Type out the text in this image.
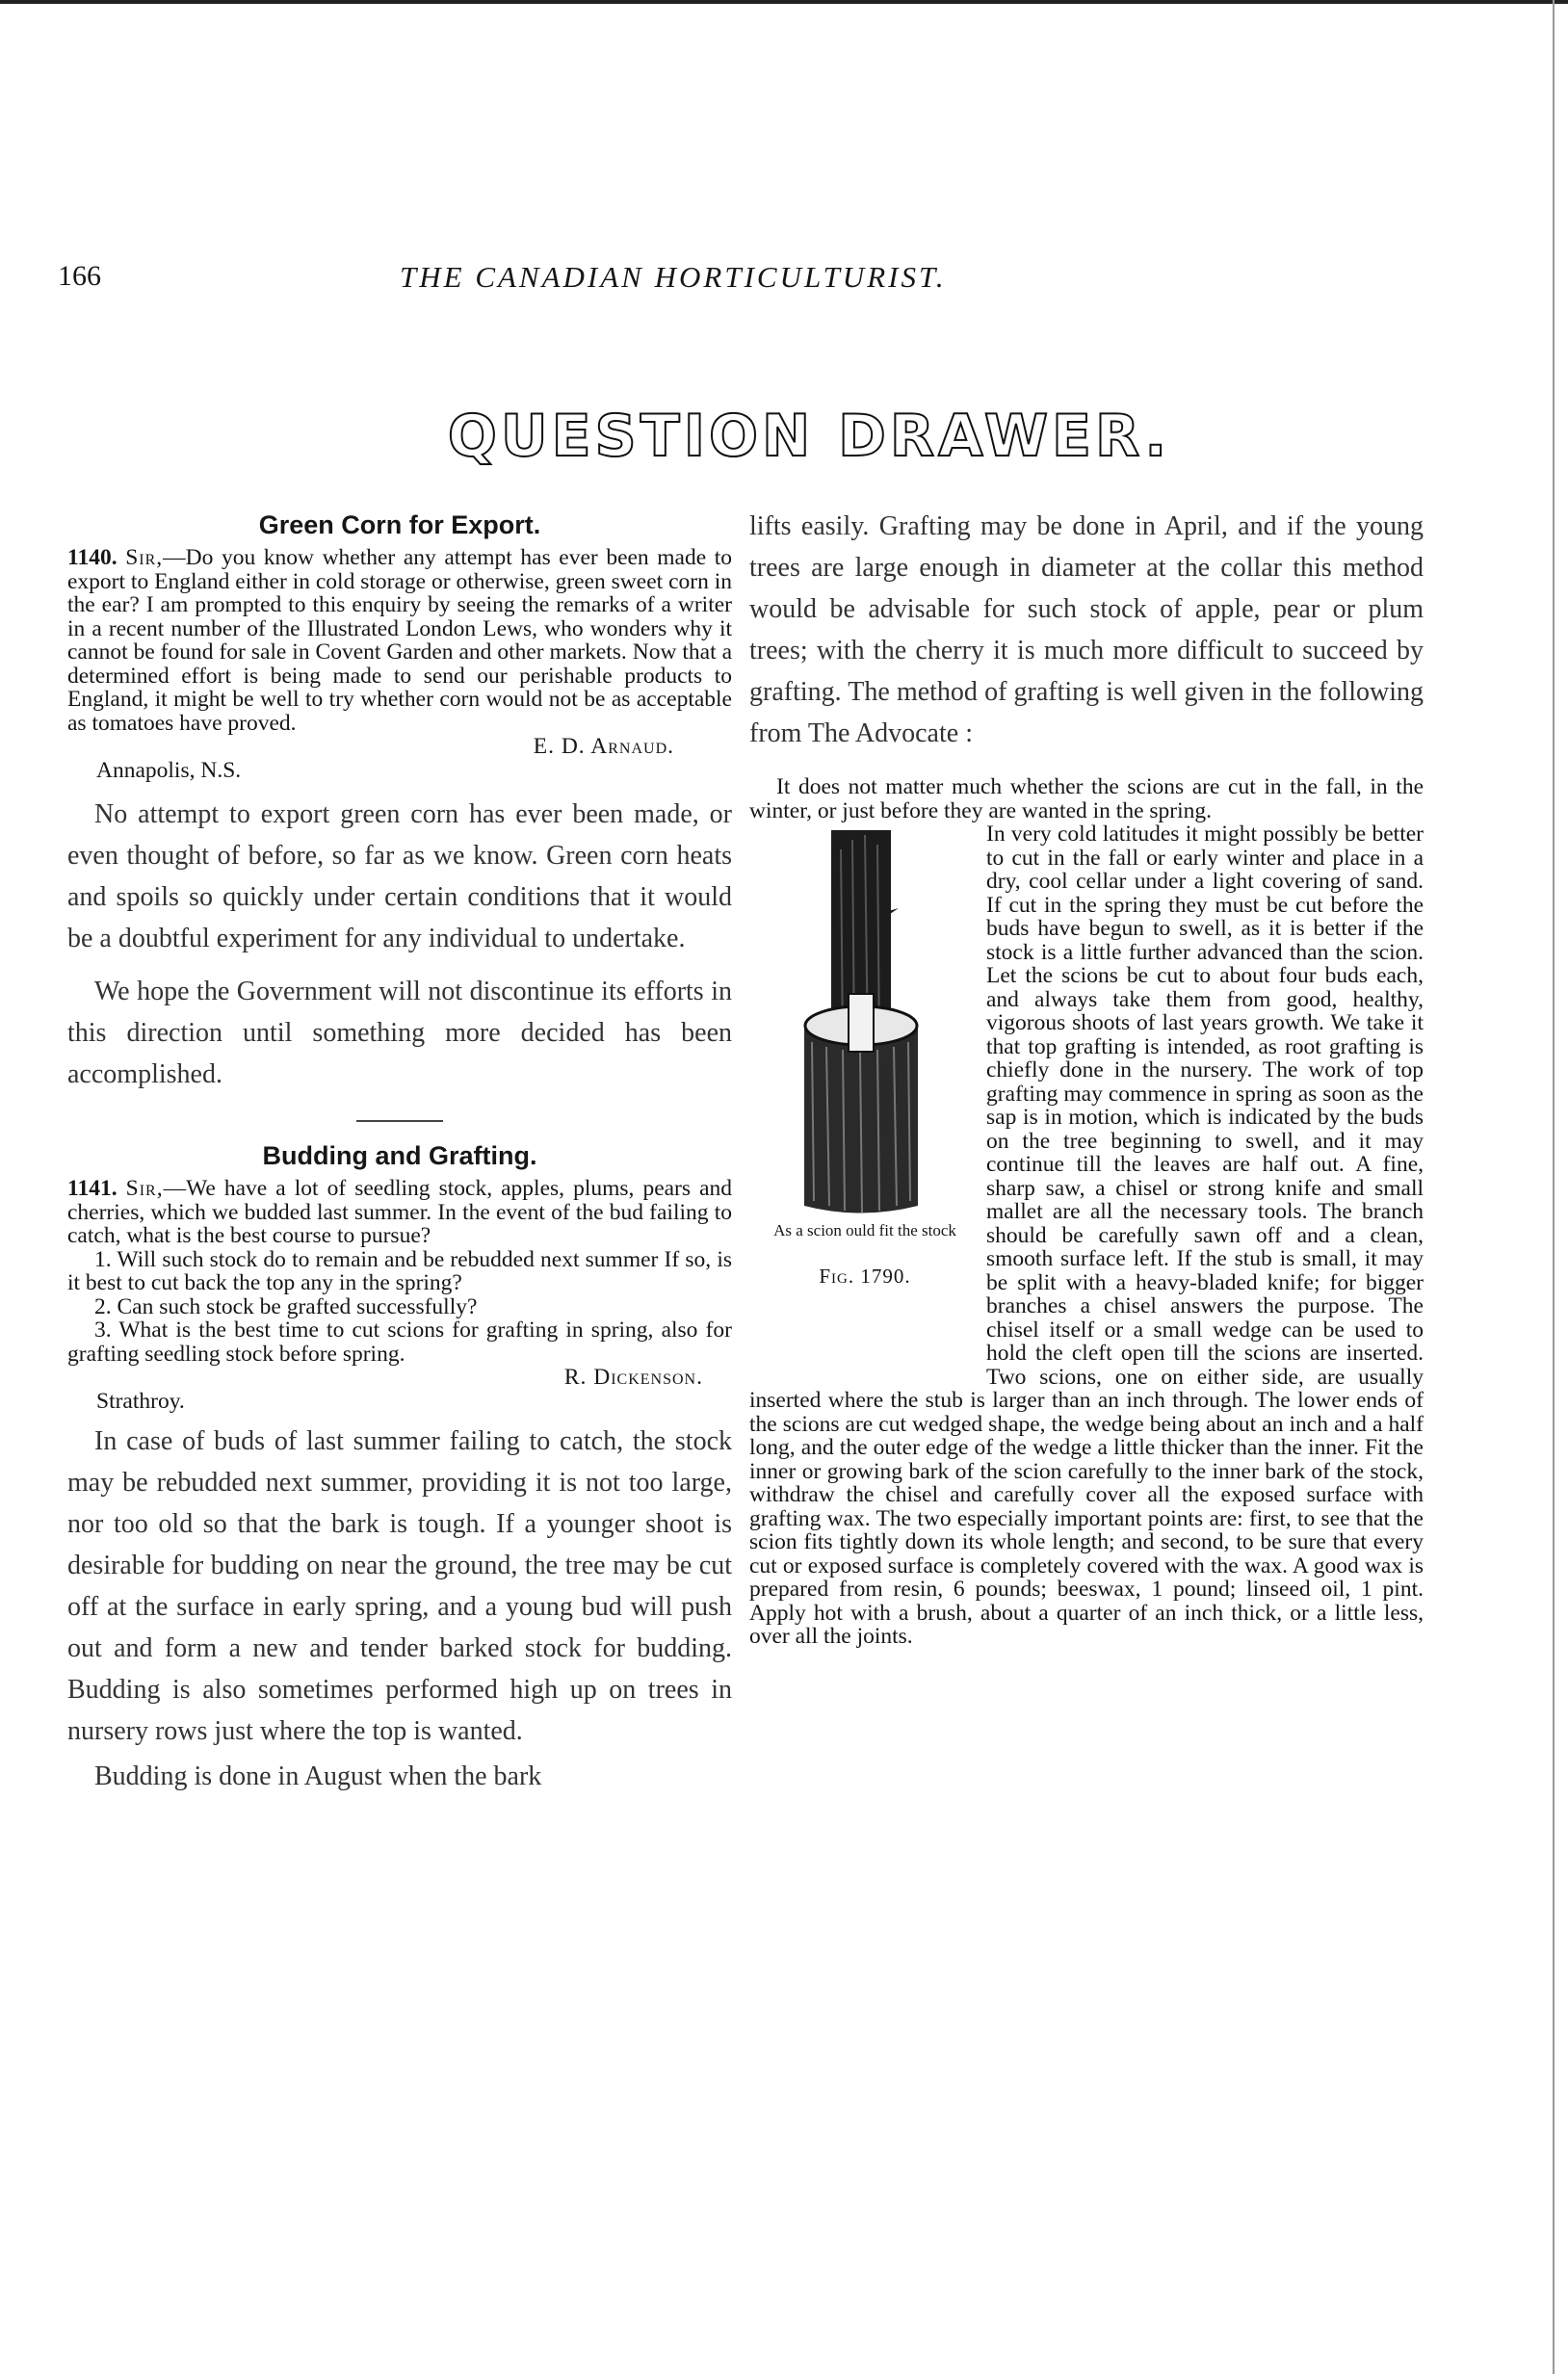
166	THE CANADIAN HORTICULTURIST.
QUESTION DRAWER.
Green Corn for Export.

1140. Sir,—Do you know whether any attempt has ever been made to export to England either in cold storage or otherwise, green sweet corn in the ear? I am prompted to this enquiry by seeing the remarks of a writer in a recent number of the Illustrated London Lews, who wonders why it cannot be found for sale in Covent Garden and other markets. Now that a determined effort is being made to send our perishable products to England, it might be well to try whether corn would not be as acceptable as tomatoes have proved.

E. D. Arnaud.
Annapolis, N.S.

No attempt to export green corn has ever been made, or even thought of before, so far as we know. Green corn heats and spoils so quickly under certain conditions that it would be a doubtful experiment for any individual to undertake.

We hope the Government will not discontinue its efforts in this direction until something more decided has been accomplished.

Budding and Grafting.

1141. Sir,—We have a lot of seedling stock, apples, plums, pears and cherries, which we budded last summer. In the event of the bud failing to catch, what is the best course to pursue?

1. Will such stock do to remain and be rebudded next summer If so, is it best to cut back the top any in the spring?

2. Can such stock be grafted successfully?

3. What is the best time to cut scions for grafting in spring, also for grafting seedling stock before spring.

R. Dickenson.
Strathroy.

In case of buds of last summer failing to catch, the stock may be rebudded next summer, providing it is not too large, nor too old so that the bark is tough. If a younger shoot is desirable for budding on near the ground, the tree may be cut off at the surface in early spring, and a young bud will push out and form a new and tender barked stock for budding. Budding is also sometimes performed high up on trees in nursery rows just where the top is wanted.

Budding is done in August when the bark

lifts easily. Grafting may be done in April, and if the young trees are large enough in diameter at the collar this method would be advisable for such stock of apple, pear or plum trees; with the cherry it is much more difficult to succeed by grafting. The method of grafting is well given in the following from The Advocate :

It does not matter much whether the scions are cut in the fall, in the winter, or just before they are wanted in the spring.

As a scion ould fit the stock
Fig. 1790.

In very cold latitudes it might possibly be better to cut in the fall or early winter and place in a dry, cool cellar under a light covering of sand. If cut in the spring they must be cut before the buds have begun to swell, as it is better if the stock is a little further advanced than the scion. Let the scions be cut to about four buds each, and always take them from good, healthy, vigorous shoots of last years growth. We take it that top grafting is intended, as root grafting is chiefly done in the nursery. The work of top grafting may commence in spring as soon as the sap is in motion, which is indicated by the buds on the tree beginning to swell, and it may continue till the leaves are half out. A fine, sharp saw, a chisel or strong knife and small mallet are all the necessary tools. The branch should be carefully sawn off and a clean, smooth surface left. If the stub is small, it may be split with a heavy-bladed knife; for bigger branches a chisel answers the purpose. The chisel itself or a small wedge can be used to hold the cleft open till the scions are inserted. Two scions, one on either side, are usually inserted where the stub is larger than an inch through. The lower ends of the scions are cut wedged shape, the wedge being about an inch and a half long, and the outer edge of the wedge a little thicker than the inner. Fit the inner or growing bark of the scion carefully to the inner bark of the stock, withdraw the chisel and carefully cover all the exposed surface with grafting wax. The two especially important points are: first, to see that the scion fits tightly down its whole length; and second, to be sure that every cut or exposed surface is completely covered with the wax. A good wax is prepared from resin, 6 pounds; beeswax, 1 pound; linseed oil, 1 pint. Apply hot with a brush, about a quarter of an inch thick, or a little less, over all the joints.
